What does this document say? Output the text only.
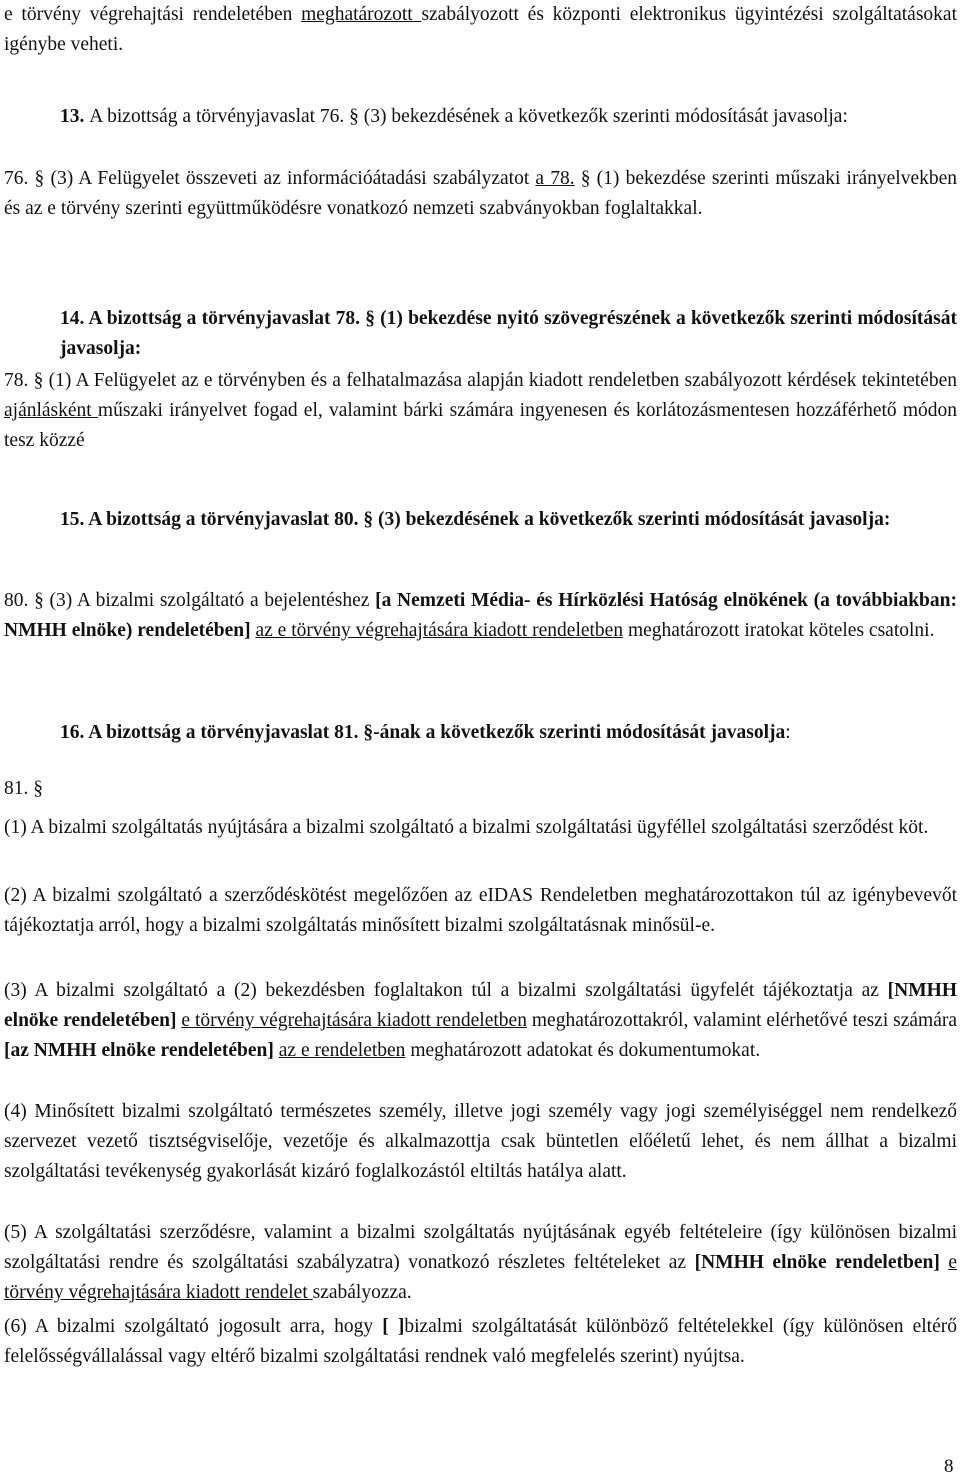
e törvény végrehajtási rendeletében meghatározott szabályozott és központi elektronikus ügyintézési szolgáltatásokat igénybe veheti.

13. A bizottság a törvényjavaslat 76. § (3) bekezdésének a következők szerinti módosítását javasolja:

76. § (3) A Felügyelet összeveti az információátadási szabályzatot a 78. § (1) bekezdése szerinti műszaki irányelvekben és az e törvény szerinti együttműködésre vonatkozó nemzeti szabványokban foglaltakkal.

14. A bizottság a törvényjavaslat 78. § (1) bekezdése nyitó szövegrészének a következők szerinti módosítását javasolja:

78. § (1) A Felügyelet az e törvényben és a felhatalmazása alapján kiadott rendeletben szabályozott kérdések tekintetében ajánlásként műszaki irányelvet fogad el, valamint bárki számára ingyenesen és korlátozásmentesen hozzáférhető módon tesz közzé

15. A bizottság a törvényjavaslat 80. § (3) bekezdésének a következők szerinti módosítását javasolja:

80. § (3) A bizalmi szolgáltató a bejelentéshez [a Nemzeti Média- és Hírközlési Hatóság elnökének (a továbbiakban: NMHH elnöke) rendeletében] az e törvény végrehajtására kiadott rendeletben meghatározott iratokat köteles csatolni.

16. A bizottság a törvényjavaslat 81. §-ának a következők szerinti módosítását javasolja:

81. §

(1) A bizalmi szolgáltatás nyújtására a bizalmi szolgáltató a bizalmi szolgáltatási ügyféllel szolgáltatási szerződést köt.

(2) A bizalmi szolgáltató a szerződéskötést megelőzően az eIDAS Rendeletben meghatározottakon túl az igénybevevőt tájékoztatja arról, hogy a bizalmi szolgáltatás minősített bizalmi szolgáltatásnak minősül-e.

(3) A bizalmi szolgáltató a (2) bekezdésben foglaltakon túl a bizalmi szolgáltatási ügyfelét tájékoztatja az [NMHH elnöke rendeletében] e törvény végrehajtására kiadott rendeletben meghatározottakról, valamint elérhetővé teszi számára [az NMHH elnöke rendeletében] az e rendeletben meghatározott adatokat és dokumentumokat.

(4) Minősített bizalmi szolgáltató természetes személy, illetve jogi személy vagy jogi személyiséggel nem rendelkező szervezet vezető tisztségviselője, vezetője és alkalmazottja csak büntetlen előéletű lehet, és nem állhat a bizalmi szolgáltatási tevékenység gyakorlását kizáró foglalkozástól eltiltás hatálya alatt.

(5) A szolgáltatási szerződésre, valamint a bizalmi szolgáltatás nyújtásának egyéb feltételeire (így különösen bizalmi szolgáltatási rendre és szolgáltatási szabályzatra) vonatkozó részletes feltételeket az [NMHH elnöke rendeletben] e törvény végrehajtására kiadott rendelet szabályozza.

(6) A bizalmi szolgáltató jogosult arra, hogy [ ]bizalmi szolgáltatását különböző feltételekkel (így különösen eltérő felelősségvállalással vagy eltérő bizalmi szolgáltatási rendnek való megfelelés szerint) nyújtsa.

8
